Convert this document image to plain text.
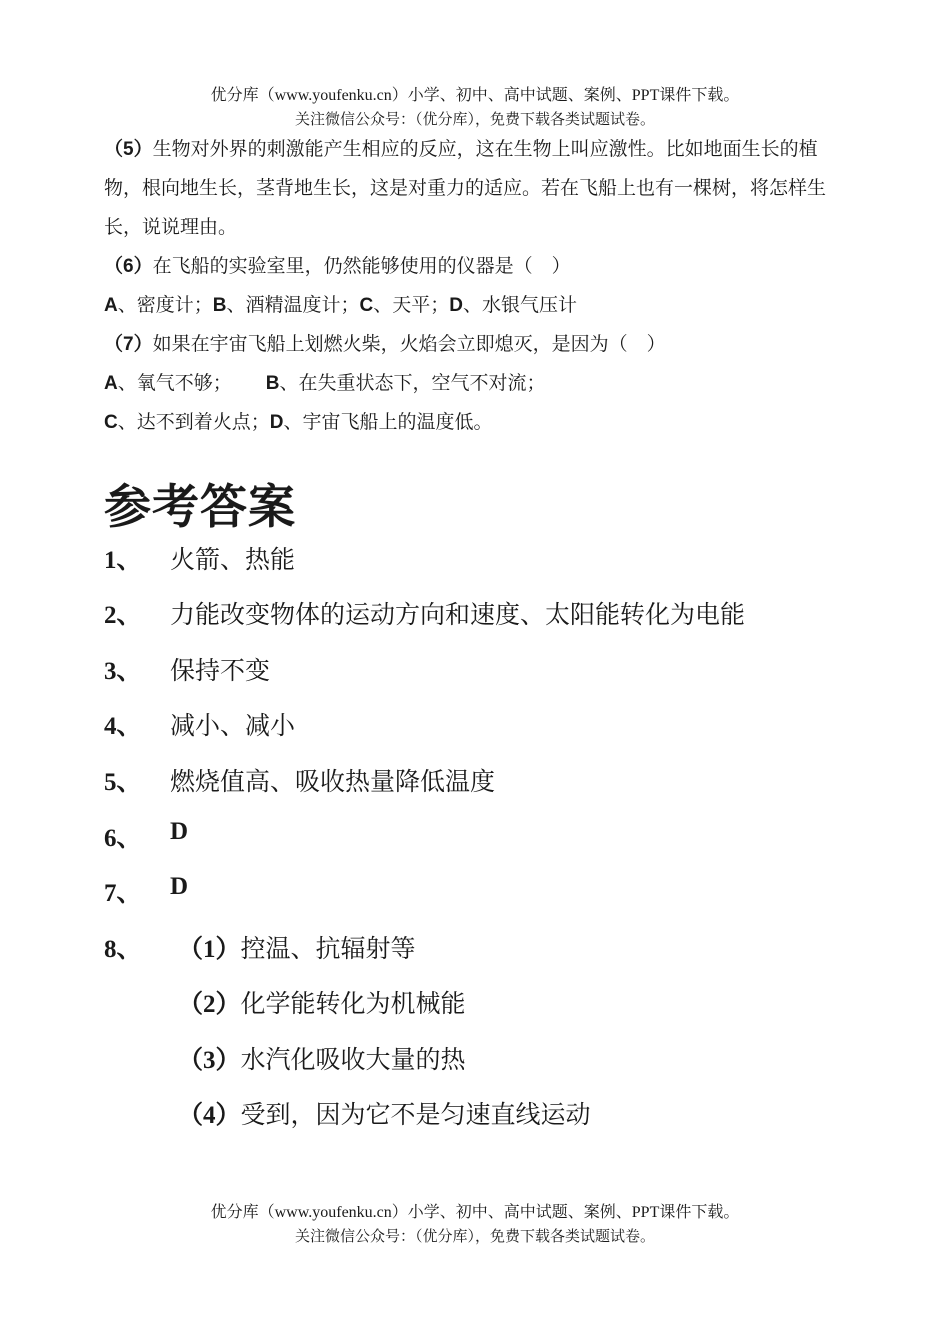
优分库（www.youfenku.cn）小学、初中、高中试题、案例、PPT课件下载。
关注微信公众号：（优分库），免费下载各类试题试卷。

（5）生物对外界的刺激能产生相应的反应，这在生物上叫应激性。比如地面生长的植物，根向地生长，茎背地生长，这是对重力的适应。若在飞船上也有一棵树，将怎样生长，说说理由。

（6）在飞船的实验室里，仍然能够使用的仪器是（　）

A、密度计；B、酒精温度计；C、天平；D、水银气压计

（7）如果在宇宙飞船上划燃火柴，火焰会立即熄灭，是因为（　）

A、氧气不够； B、在失重状态下，空气不对流；

C、达不到着火点；D、宇宙飞船上的温度低。

参考答案
1、 火箭、热能
2、 力能改变物体的运动方向和速度、太阳能转化为电能
3、 保持不变
4、 减小、减小
5、 燃烧值高、吸收热量降低温度
6、 D
7、 D
8、 （1）控温、抗辐射等
（2）化学能转化为机械能
（3）水汽化吸收大量的热
（4）受到，因为它不是匀速直线运动
优分库（www.youfenku.cn）小学、初中、高中试题、案例、PPT课件下载。
关注微信公众号：（优分库），免费下载各类试题试卷。
